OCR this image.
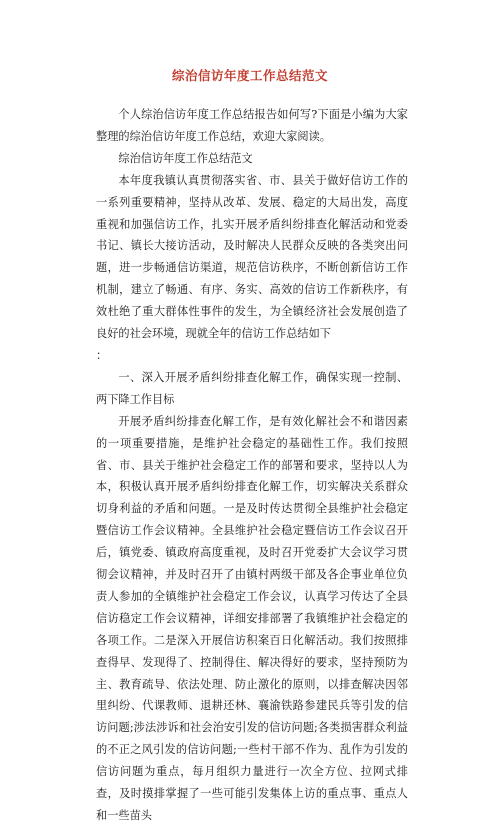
综治信访年度工作总结范文

个人综治信访年度工作总结报告如何写?下面是小编为大家整理的综治信访年度工作总结，欢迎大家阅读。

综治信访年度工作总结范文

本年度我镇认真贯彻落实省、市、县关于做好信访工作的一系列重要精神，坚持从改革、发展、稳定的大局出发，高度重视和加强信访工作，扎实开展矛盾纠纷排查化解活动和党委书记、镇长大接访活动，及时解决人民群众反映的各类突出问题，进一步畅通信访渠道，规范信访秩序，不断创新信访工作机制，建立了畅通、有序、务实、高效的信访工作新秩序，有效杜绝了重大群体性事件的发生，为全镇经济社会发展创造了良好的社会环境，现就全年的信访工作总结如下

：

一、深入开展矛盾纠纷排查化解工作，确保实现一控制、两下降工作目标

开展矛盾纠纷排查化解工作，是有效化解社会不和谐因素的一项重要措施，是维护社会稳定的基础性工作。我们按照省、市、县关于维护社会稳定工作的部署和要求，坚持以人为本，积极认真开展矛盾纠纷排查化解工作，切实解决关系群众切身利益的矛盾和问题。一是及时传达贯彻全县维护社会稳定暨信访工作会议精神。全县维护社会稳定暨信访工作会议召开后，镇党委、镇政府高度重视，及时召开党委扩大会议学习贯彻会议精神，并及时召开了由镇村两级干部及各企事业单位负责人参加的全镇维护社会稳定工作会议，认真学习传达了全县信访稳定工作会议精神，详细安排部署了我镇维护社会稳定的各项工作。二是深入开展信访积案百日化解活动。我们按照排查得早、发现得了、控制得住、解决得好的要求，坚持预防为主、教育疏导、依法处理、防止激化的原则，以排查解决因邻里纠纷、代课教师、退耕还林、襄渝铁路参建民兵等引发的信访问题;涉法涉诉和社会治安引发的信访问题;各类损害群众利益的不正之风引发的信访问题;一些村干部不作为、乱作为引发的信访问题为重点，每月组织力量进行一次全方位、拉网式排查，及时摸排掌握了一些可能引发集体上访的重点事、重点人和一些苗头
